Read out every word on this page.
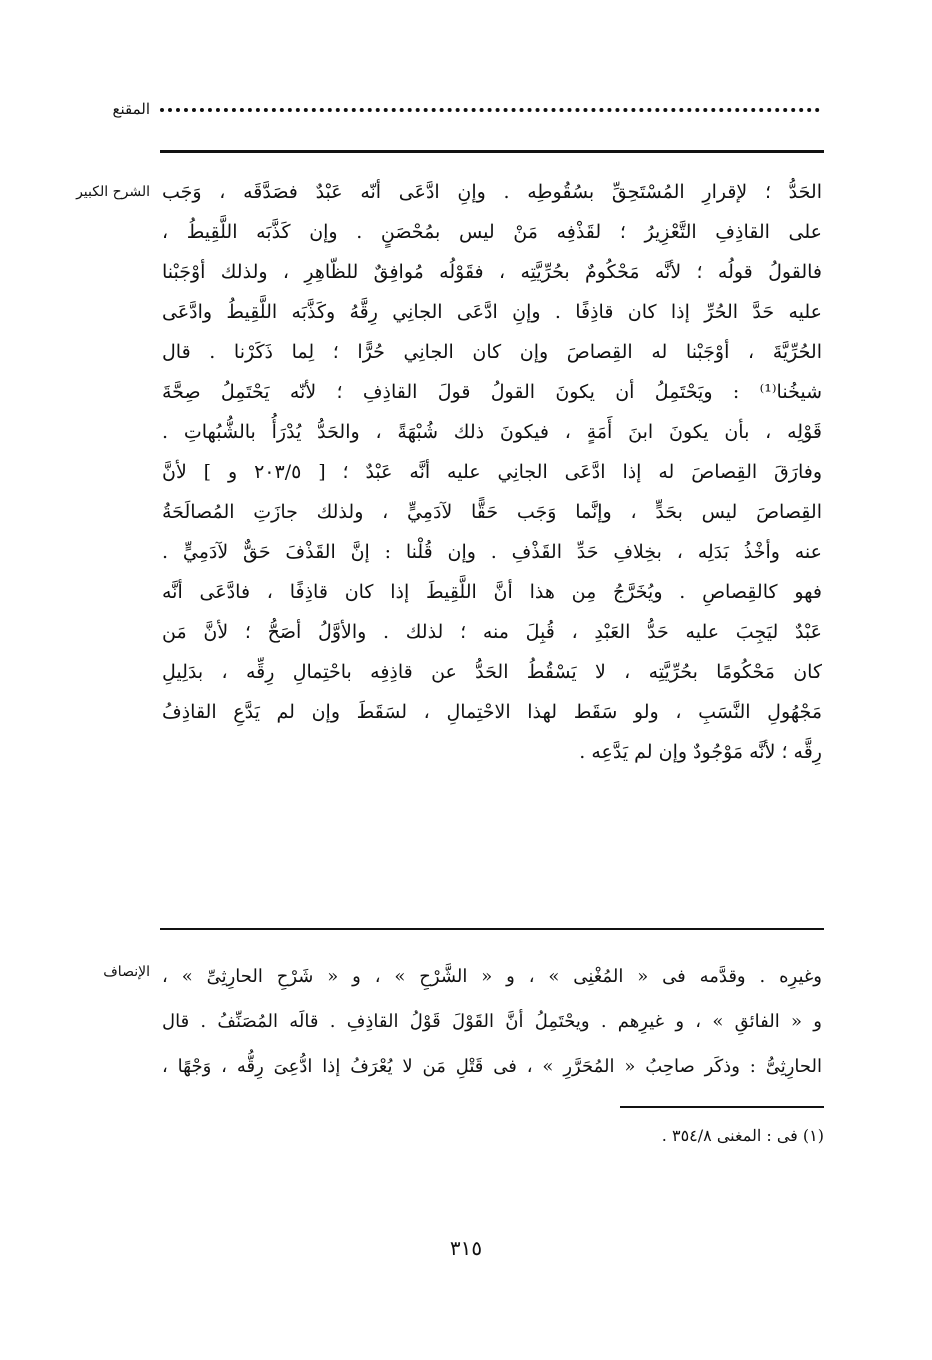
المقنع
الشرح الكبير الحَدُّ ؛ لإقرارِ المُسْتَحِقِّ بسُقُوطِه . وإنِ ادَّعَى أنّه عَبْدٌ فصَدَّقَه ، وَجَب
على القاذِفِ التَّعْزِيرُ ؛ لقَذْفِه مَنْ ليس بمُحْصَنٍ . وإن كَذَّبَه اللَّقِيطُ ،
فالقولُ قولُه ؛ لأنَّه مَحْكُومٌ بحُرِّيَّتِه ، فقَوْلُه مُوافِقٌ للظّاهِرِ ، ولذلك أوْجَبْنا
عليه حَدَّ الحُرِّ إذا كان قاذِفًا . وإنِ ادَّعَى الجانِي رِقَّهُ وكَذَّبَه اللَّقِيطُ وادَّعَى
الحُرِّيَّةَ ، أوْجَبْنا له القِصاصَ وإن كان الجانِي حُرًّا ؛ لِما ذَكَرْنا . قال
شيخُنا⁽¹⁾ : ويَحْتَمِلُ أن يكونَ القولُ قولَ القاذِفِ ؛ لأنّه يَحْتَمِلُ صِحَّةَ
قَوْلِه ، بأن يكونَ ابنَ أَمَةٍ ، فيكونَ ذلك شُبْهَةً ، والحَدُّ يُدْرَأُ بالشُّبُهاتِ .
وفارَقَ القِصاصَ له إذا ادَّعَى الجانِي عليه أنَّه عَبْدٌ ؛ [ ٢٠٣/٥ و ] لأنَّ
القِصاصَ ليس بحَدٍّ ، وإنَّما وَجَب حَقًّا لآدَمِيٍّ ، ولذلك جازَتِ المُصالَحَةُ
عنه وأخْذُ بَدَلِه ، بخِلافِ حَدِّ القَذْفِ . وإن قُلْنا : إنَّ القَذْفَ حَقٌّ لآدَمِيٍّ .
فهو كالقِصاصِ . ويُخَرَّجُ مِن هذا أنَّ اللَّقِيطَ إذا كان قاذِفًا ، فادَّعَى أنَّه
عَبْدٌ ليَجِبَ عليه حَدُّ العَبْدِ ، قُبِلَ منه ؛ لذلك . والأوَّلُ أصَحُّ ؛ لأنَّ مَن
كان مَحْكُومًا بحُرِّيَّتِه ، لا يَسْقُطُ الحَدُّ عن قاذِفِه باحْتِمالِ رِقِّه ، بدَلِيلِ
مَجْهُولِ النَّسَبِ ، ولو سَقَط لهذا الاحْتِمالِ ، لسَقَطَ وإن لم يَدَّعِ القاذِفُ
رِقَّه ؛ لأنَّه مَوْجُودٌ وإن لم يَدَّعِه .
الإنصاف وغيرِه . وقدَّمه فى « المُغْنِى » ، و « الشَّرْحِ » ، و « شَرْحِ الحارِثِىِّ » ،
و « الفائقِ » ، و غيرِهم . ويحْتَمِلُ أنَّ القَوْلَ قَوْلُ القاذِفِ . قالَه المُصَنِّفُ . قال
الحارِثِىُّ : وذكَر صاحِبُ « المُحَرَّرِ » ، فى قَتْلِ مَن لا يُعْرَفُ إذا ادُّعِىَ رِقُّه ، وَجْهًا ،
(١) فى : المغنى ٣٥٤/٨ .
٣١٥
